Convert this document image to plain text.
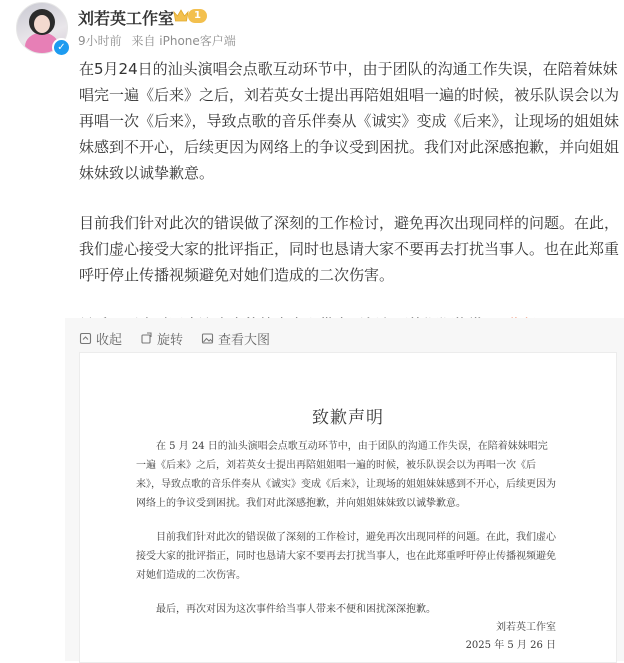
✓
刘若英工作室	1
9小时前 来自 iPhone客户端

在5月24日的汕头演唱会点歌互动环节中，由于团队的沟通工作失误，在陪着妹妹唱完一遍《后来》之后，刘若英女士提出再陪姐姐唱一遍的时候，被乐队误会以为再唱一次《后来》，导致点歌的音乐伴奏从《诚实》变成《后来》，让现场的姐姐妹妹感到不开心，后续更因为网络上的争议受到困扰。我们对此深感抱歉，并向姐姐妹妹致以诚挚歉意。

目前我们针对此次的错误做了深刻的工作检讨，避免再次出现同样的问题。在此，我们虚心接受大家的批评指正，同时也恳请大家不要再去打扰当事人。也在此郑重呼吁停止传播视频避免对她们造成的二次伤害。

收起	旋转	查看大图
致歉声明

在 5 月 24 日的汕头演唱会点歌互动环节中，由于团队的沟通工作失误，在陪着妹妹唱完一遍《后来》之后，刘若英女士提出再陪姐姐唱一遍的时候，被乐队误会以为再唱一次《后来》，导致点歌的音乐伴奏从《诚实》变成《后来》，让现场的姐姐妹妹感到不开心，后续更因为网络上的争议受到困扰。我们对此深感抱歉，并向姐姐妹妹致以诚挚歉意。

目前我们针对此次的错误做了深刻的工作检讨，避免再次出现同样的问题。在此，我们虚心接受大家的批评指正，同时也恳请大家不要再去打扰当事人，也在此郑重呼吁停止传播视频避免对她们造成的二次伤害。

最后，再次对因为这次事件给当事人带来不便和困扰深深抱歉。

刘若英工作室
2025 年 5 月 26 日
